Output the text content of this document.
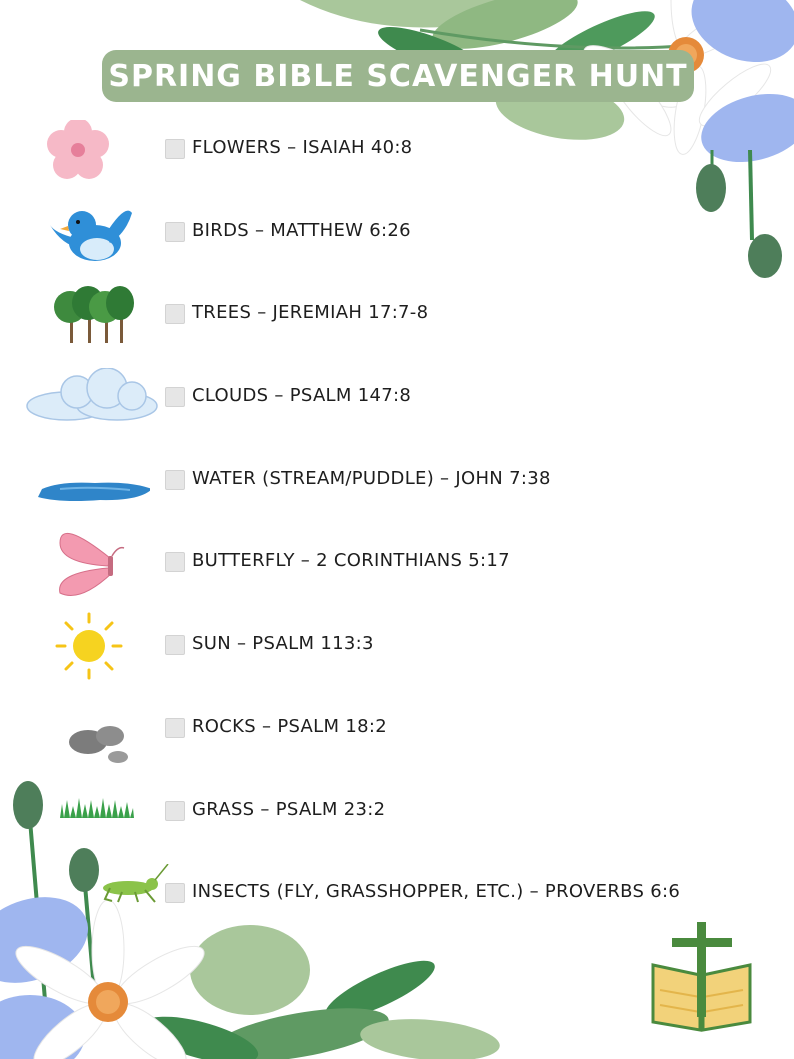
SPRING BIBLE SCAVENGER HUNT
FLOWERS – ISAIAH 40:8
BIRDS – MATTHEW 6:26
TREES – JEREMIAH 17:7-8
CLOUDS – PSALM 147:8
WATER (STREAM/PUDDLE) – JOHN 7:38
BUTTERFLY – 2 CORINTHIANS 5:17
SUN – PSALM 113:3
ROCKS – PSALM 18:2
GRASS – PSALM 23:2
INSECTS (FLY, GRASSHOPPER, ETC.) – PROVERBS 6:6
